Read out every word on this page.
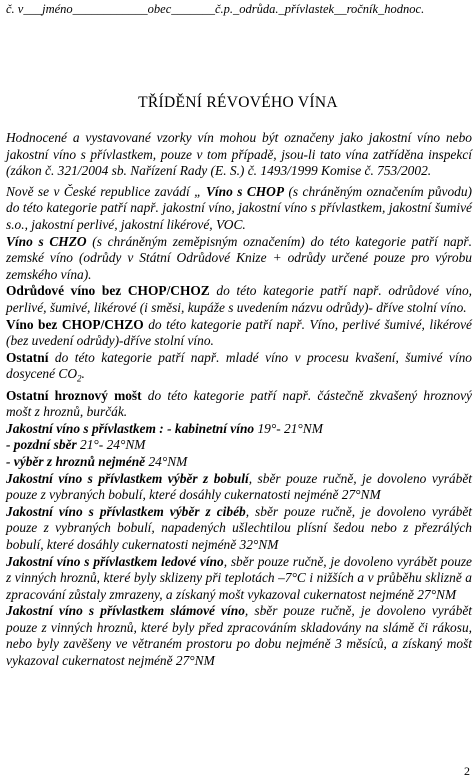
č. v___jméno____________obec_______č.p._odrůda._přívlastek__ročník_hodnoc.
TŘÍDĚNÍ RÉVOVÉHO VÍNA

Hodnocené a vystavované vzorky vín mohou být označeny jako jakostní víno nebo jakostní víno s přívlastkem, pouze v tom případě, jsou-li tato vína zatříděna inspekcí (zákon č. 321/2004 sb. Nařízení Rady (E. S.) č. 1493/1999 Komise č. 753/2002.

Nově se v České republice zavádí „ Víno s CHOP (s chráněným označením původu) do této kategorie patří např. jakostní víno, jakostní víno s přívlastkem, jakostní šumivé s.o., jakostní perlivé, jakostní likérové, VOC.

Víno s CHZO (s chráněným zeměpisným označením) do této kategorie patří např. zemské víno (odrůdy v Státní Odrůdové Knize + odrůdy určené pouze pro výrobu zemského vína).

Odrůdové víno bez CHOP/CHOZ do této kategorie patří např. odrůdové víno, perlivé, šumivé, likérové (i směsi, kupáže s uvedením názvu odrůdy)- dříve stolní víno.

Víno bez CHOP/CHZO do této kategorie patří např. Víno, perlivé šumivé, likérové (bez uvedení odrůdy)-dříve stolní víno.

Ostatní do této kategorie patří např. mladé víno v procesu kvašení, šumivé víno dosycené $CO_2$.

Ostatní hroznový mošt do této kategorie patří např. částečně zkvašený hroznový mošt z hroznů, burčák.

Jakostní víno s přívlastkem : - kabinetní víno 19°- 21°NM

- pozdní sběr 21°- 24°NM

- výběr z hroznů nejméně 24°NM

Jakostní víno s přívlastkem výběr z bobulí, sběr pouze ručně, je dovoleno vyrábět pouze z vybraných bobulí, které dosáhly cukernatosti nejméně 27°NM

Jakostní víno s přívlastkem výběr z cibéb, sběr pouze ručně, je dovoleno vyrábět pouze z vybraných bobulí, napadených ušlechtilou plísní šedou nebo z přezrálých bobulí, které dosáhly cukernatosti nejméně 32°NM

Jakostní víno s přívlastkem ledové víno, sběr pouze ručně, je dovoleno vyrábět pouze z vinných hroznů, které byly sklizeny při teplotách –7°C i nižších a v průběhu sklizně a zpracování zůstaly zmrazeny, a získaný mošt vykazoval cukernatost nejméně 27°NM

Jakostní víno s přívlastkem slámové víno, sběr pouze ručně, je dovoleno vyrábět pouze z vinných hroznů, které byly před zpracováním skladovány na slámě či rákosu, nebo byly zavěšeny ve větraném prostoru po dobu nejméně 3 měsíců, a získaný mošt vykazoval cukernatost nejméně 27°NM

2
